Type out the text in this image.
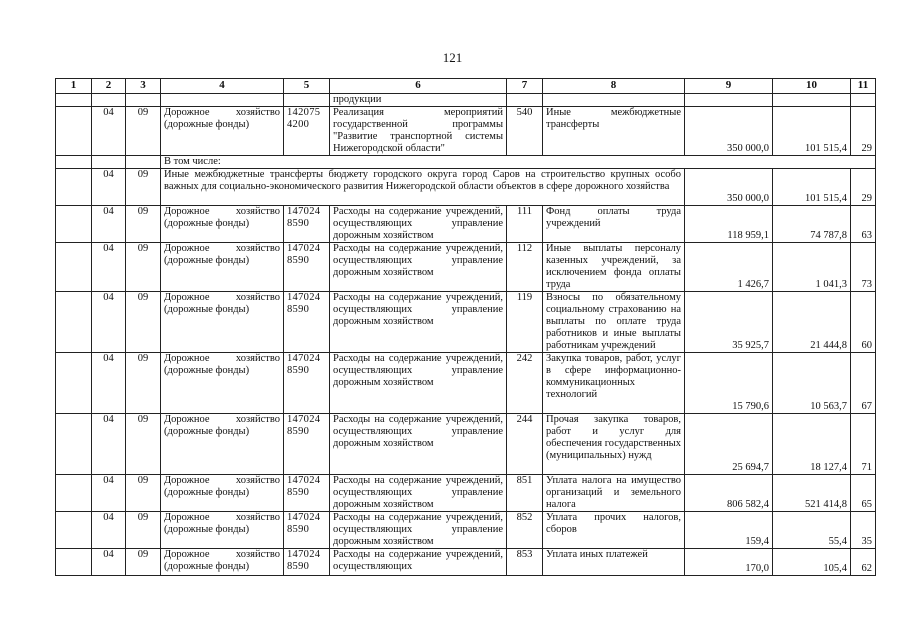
121
1	2	3	4	5	6	7	8	9	10	11
					продукции					
	04	09	Дорожное хозяйство (дорожные фонды)	142075 4200	Реализация мероприятий государственной программы "Развитие транспортной системы Нижегородской области"	540	Иные межбюджетные трансферты	350 000,0	101 515,4	29
			В том числе:							
	04	09	Иные межбюджетные трансферты бюджету городского округа город Саров на строительство крупных особо важных для социально-экономического развития Нижегородской области объектов в сфере дорожного хозяйства					350 000,0	101 515,4	29
	04	09	Дорожное хозяйство (дорожные фонды)	147024 8590	Расходы на содержание учреждений, осуществляющих управление дорожным хозяйством	111	Фонд оплаты труда учреждений	118 959,1	74 787,8	63
	04	09	Дорожное хозяйство (дорожные фонды)	147024 8590	Расходы на содержание учреждений, осуществляющих управление дорожным хозяйством	112	Иные выплаты персоналу казенных учреждений, за исключением фонда оплаты труда	1 426,7	1 041,3	73
	04	09	Дорожное хозяйство (дорожные фонды)	147024 8590	Расходы на содержание учреждений, осуществляющих управление дорожным хозяйством	119	Взносы по обязательному социальному страхованию на выплаты по оплате труда работников и иные выплаты работникам учреждений	35 925,7	21 444,8	60
	04	09	Дорожное хозяйство (дорожные фонды)	147024 8590	Расходы на содержание учреждений, осуществляющих управление дорожным хозяйством	242	Закупка товаров, работ, услуг в сфере информационно-коммуникационных технологий	15 790,6	10 563,7	67
	04	09	Дорожное хозяйство (дорожные фонды)	147024 8590	Расходы на содержание учреждений, осуществляющих управление дорожным хозяйством	244	Прочая закупка товаров, работ и услуг для обеспечения государственных (муниципальных) нужд	25 694,7	18 127,4	71
	04	09	Дорожное хозяйство (дорожные фонды)	147024 8590	Расходы на содержание учреждений, осуществляющих управление дорожным хозяйством	851	Уплата налога на имущество организаций и земельного налога	806 582,4	521 414,8	65
	04	09	Дорожное хозяйство (дорожные фонды)	147024 8590	Расходы на содержание учреждений, осуществляющих управление дорожным хозяйством	852	Уплата прочих налогов, сборов	159,4	55,4	35
	04	09	Дорожное хозяйство (дорожные фонды)	147024 8590	Расходы на содержание учреждений, осуществляющих	853	Уплата иных платежей	170,0	105,4	62
